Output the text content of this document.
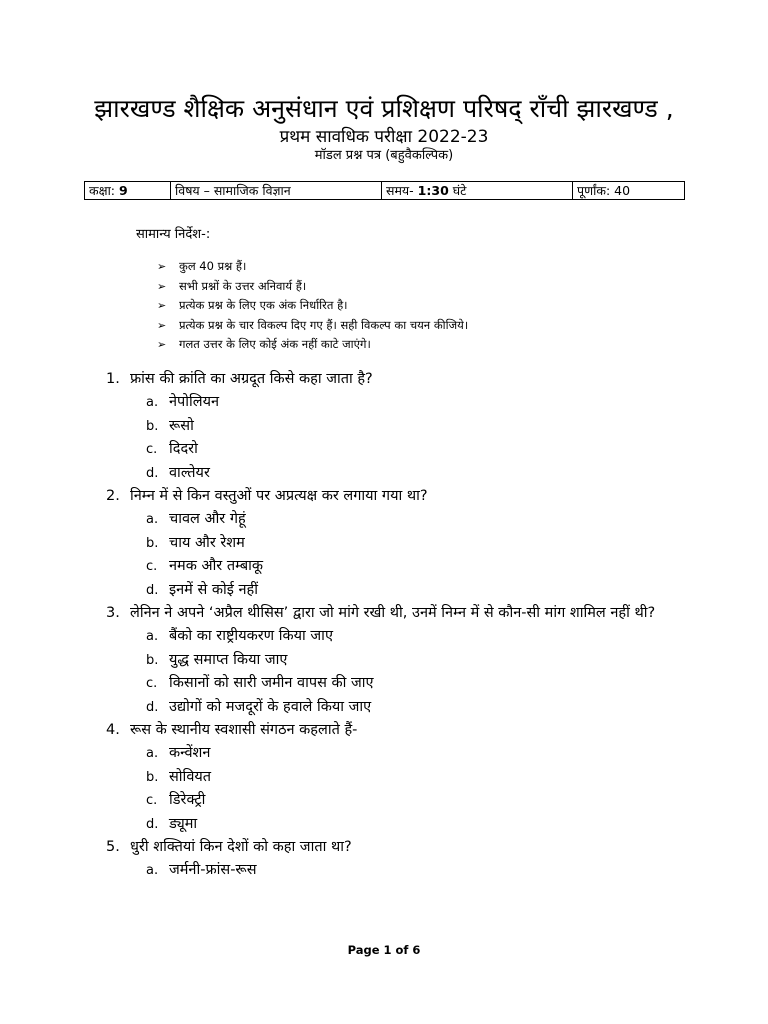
झारखण्ड शैक्षिक अनुसंधान एवं प्रशिक्षण परिषद् राँची झारखण्ड ,
प्रथम सावधिक परीक्षा 2022-23
मॉडल प्रश्न पत्र (बहुवैकल्पिक)
कक्षा: 9	विषय – सामाजिक विज्ञान	समय- 1:30 घंटे	पूर्णांक: 40
सामान्य निर्देश-:
➢ कुल 40 प्रश्न हैं।
➢ सभी प्रश्नों के उत्तर अनिवार्य हैं।
➢ प्रत्येक प्रश्न के लिए एक अंक निर्धारित है।
➢ प्रत्येक प्रश्न के चार विकल्प दिए गए हैं। सही विकल्प का चयन कीजिये।
➢ गलत उत्तर के लिए कोई अंक नहीं काटे जाएंगे।
1. फ्रांस की क्रांति का अग्रदूत किसे कहा जाता है?
a. नेपोलियन
b. रूसो
c. दिदरो
d. वाल्तेयर
2. निम्न में से किन वस्तुओं पर अप्रत्यक्ष कर लगाया गया था?
a. चावल और गेहूं
b. चाय और रेशम
c. नमक और तम्बाकू
d. इनमें से कोई नहीं
3. लेनिन ने अपने ‘अप्रैल थीसिस’ द्वारा जो मांगे रखी थी, उनमें निम्न में से कौन-सी मांग शामिल नहीं थी?
a. बैंको का राष्ट्रीयकरण किया जाए
b. युद्ध समाप्त किया जाए
c. किसानों को सारी जमीन वापस की जाए
d. उद्योगों को मजदूरों के हवाले किया जाए
4. रूस के स्थानीय स्वशासी संगठन कहलाते हैं-
a. कन्वेंशन
b. सोवियत
c. डिरेक्ट्री
d. ड्यूमा
5. धुरी शक्तियां किन देशों को कहा जाता था?
a. जर्मनी-फ्रांस-रूस
Page 1 of 6
